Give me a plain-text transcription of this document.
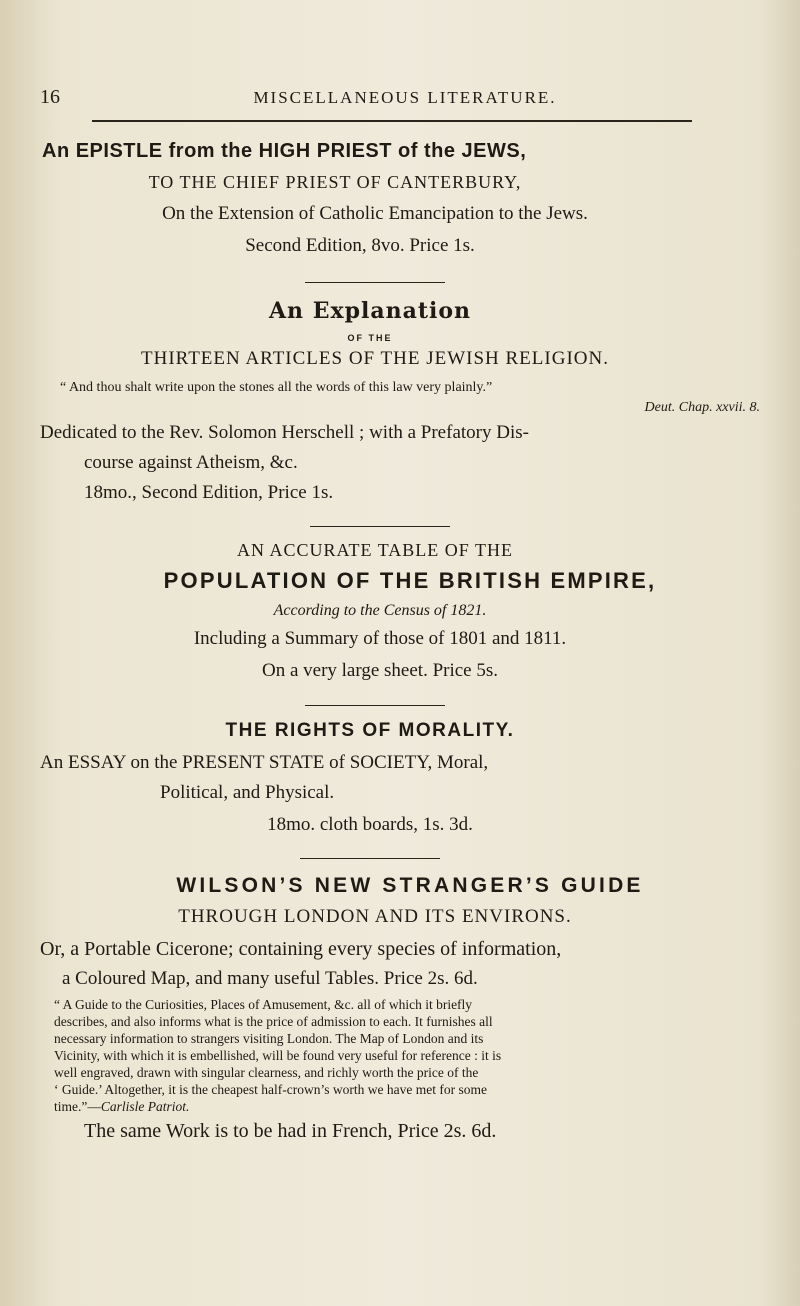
16	MISCELLANEOUS LITERATURE.
An EPISTLE from the HIGH PRIEST of the JEWS,
TO THE CHIEF PRIEST OF CANTERBURY,
On the Extension of Catholic Emancipation to the Jews.
Second Edition, 8vo. Price 1s.
An Explanation
OF THE
THIRTEEN ARTICLES OF THE JEWISH RELIGION.
“ And thou shalt write upon the stones all the words of this law very plainly.”
Deut. Chap. xxvii. 8.
Dedicated to the Rev. Solomon Herschell ; with a Prefatory Dis-
course against Atheism, &c.
18mo., Second Edition, Price 1s.
AN ACCURATE TABLE OF THE
POPULATION OF THE BRITISH EMPIRE,
According to the Census of 1821.
Including a Summary of those of 1801 and 1811.
On a very large sheet. Price 5s.
THE RIGHTS OF MORALITY.
An ESSAY on the PRESENT STATE of SOCIETY, Moral,
Political, and Physical.
18mo. cloth boards, 1s. 3d.
WILSON’S NEW STRANGER’S GUIDE
THROUGH LONDON AND ITS ENVIRONS.
Or, a Portable Cicerone; containing every species of information,
a Coloured Map, and many useful Tables. Price 2s. 6d.
“ A Guide to the Curiosities, Places of Amusement, &c. all of which it briefly
describes, and also informs what is the price of admission to each. It furnishes all
necessary information to strangers visiting London. The Map of London and its
Vicinity, with which it is embellished, will be found very useful for reference : it is
well engraved, drawn with singular clearness, and richly worth the price of the
‘ Guide.’ Altogether, it is the cheapest half-crown’s worth we have met for some
time.”—Carlisle Patriot.
The same Work is to be had in French, Price 2s. 6d.
